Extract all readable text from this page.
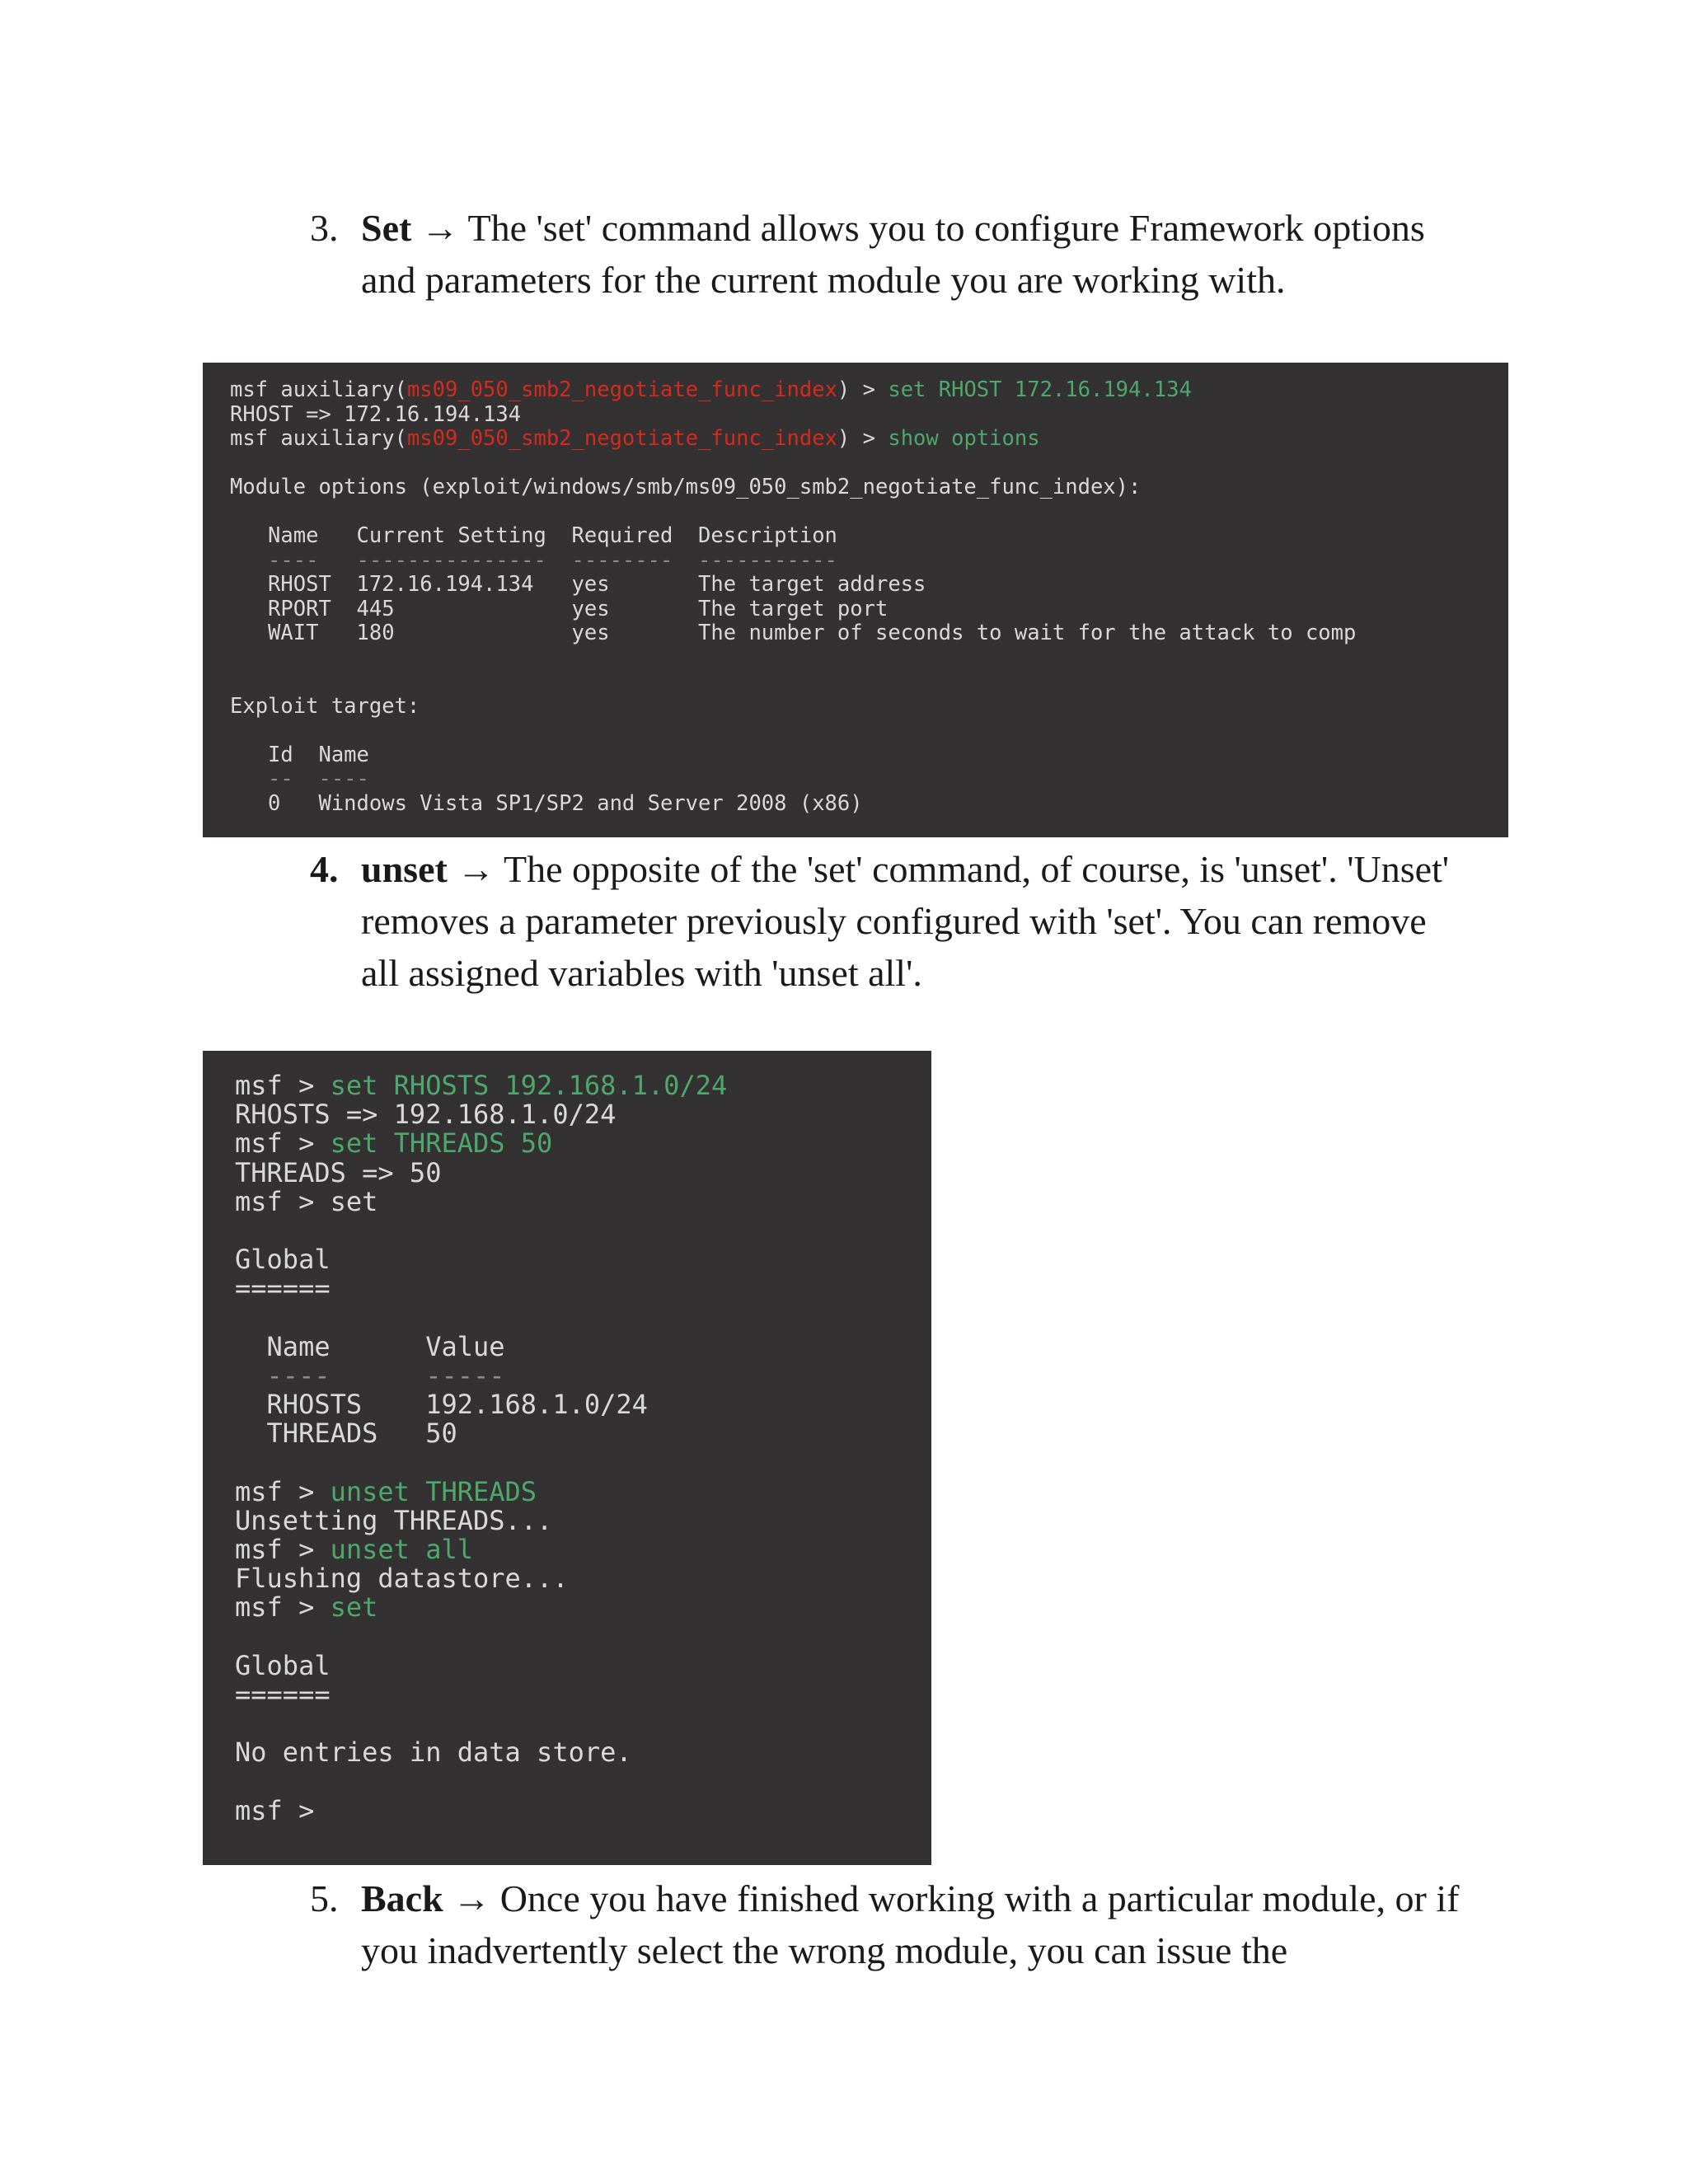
3. Set → The 'set' command allows you to configure Framework options and parameters for the current module you are working with.
msf auxiliary(ms09_050_smb2_negotiate_func_index) > set RHOST 172.16.194.134
RHOST => 172.16.194.134
msf auxiliary(ms09_050_smb2_negotiate_func_index) > show options
Module options (exploit/windows/smb/ms09_050_smb2_negotiate_func_index):
Name   Current Setting  Required  Description
----   ---------------  --------  -----------
RHOST  172.16.194.134   yes       The target address
RPORT  445              yes       The target port
WAIT   180              yes       The number of seconds to wait for the attack to comp
Exploit target:
Id  Name
--  ----
0   Windows Vista SP1/SP2 and Server 2008 (x86)
4. unset → The opposite of the 'set' command, of course, is 'unset'. 'Unset' removes a parameter previously configured with 'set'. You can remove all assigned variables with 'unset all'.
msf > set RHOSTS 192.168.1.0/24
RHOSTS => 192.168.1.0/24
msf > set THREADS 50
THREADS => 50
msf > set
Global
======
Name      Value
----      -----
RHOSTS    192.168.1.0/24
THREADS   50
msf > unset THREADS
Unsetting THREADS...
msf > unset all
Flushing datastore...
msf > set
Global
======
No entries in data store.
msf >
5. Back → Once you have finished working with a particular module, or if you inadvertently select the wrong module, you can issue the
